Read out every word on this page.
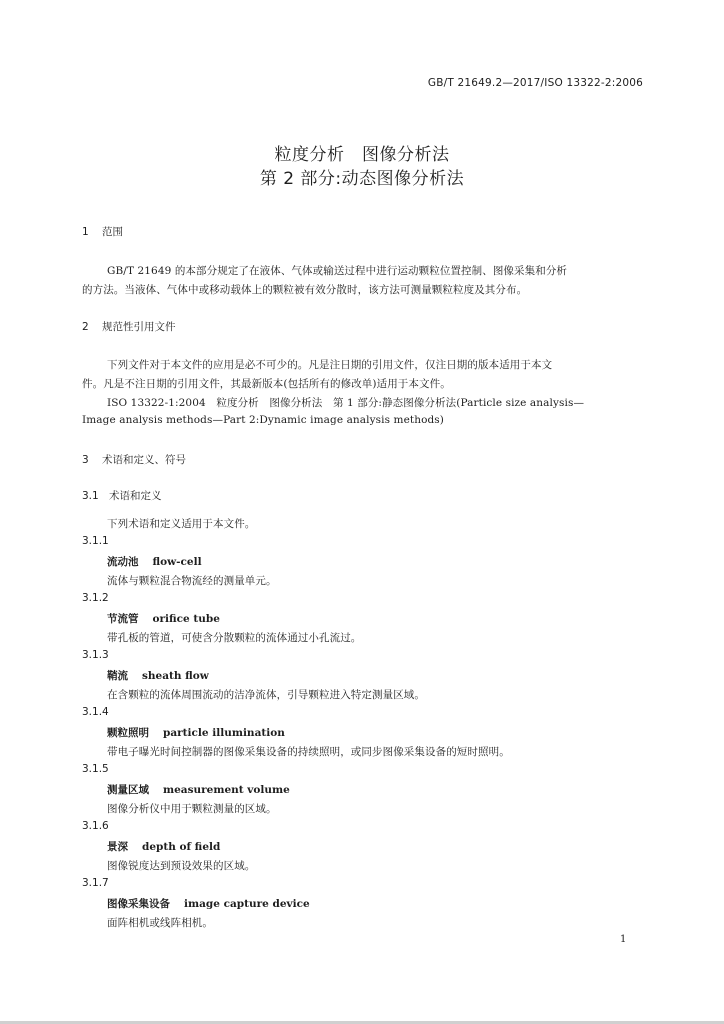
GB/T 21649.2—2017/ISO 13322-2:2006
粒度分析　图像分析法
第 2 部分:动态图像分析法
1 范围
GB/T 21649 的本部分规定了在液体、气体或输送过程中进行运动颗粒位置控制、图像采集和分析
的方法。当液体、气体中或移动载体上的颗粒被有效分散时，该方法可测量颗粒粒度及其分布。
2 规范性引用文件
下列文件对于本文件的应用是必不可少的。凡是注日期的引用文件，仅注日期的版本适用于本文
件。凡是不注日期的引用文件，其最新版本(包括所有的修改单)适用于本文件。
ISO 13322-1:2004　粒度分析　图像分析法　第 1 部分:静态图像分析法(Particle size analysis—
Image analysis methods—Part 2:Dynamic image analysis methods)
3 术语和定义、符号
3.1 术语和定义
下列术语和定义适用于本文件。
3.1.1
流动池 flow-cell
流体与颗粒混合物流经的测量单元。
3.1.2
节流管 orifice tube
带孔板的管道，可使含分散颗粒的流体通过小孔流过。
3.1.3
鞘流 sheath flow
在含颗粒的流体周围流动的洁净流体，引导颗粒进入特定测量区域。
3.1.4
颗粒照明 particle illumination
带电子曝光时间控制器的图像采集设备的持续照明，或同步图像采集设备的短时照明。
3.1.5
测量区域 measurement volume
图像分析仪中用于颗粒测量的区域。
3.1.6
景深 depth of field
图像锐度达到预设效果的区域。
3.1.7
图像采集设备 image capture device
面阵相机或线阵相机。
1
